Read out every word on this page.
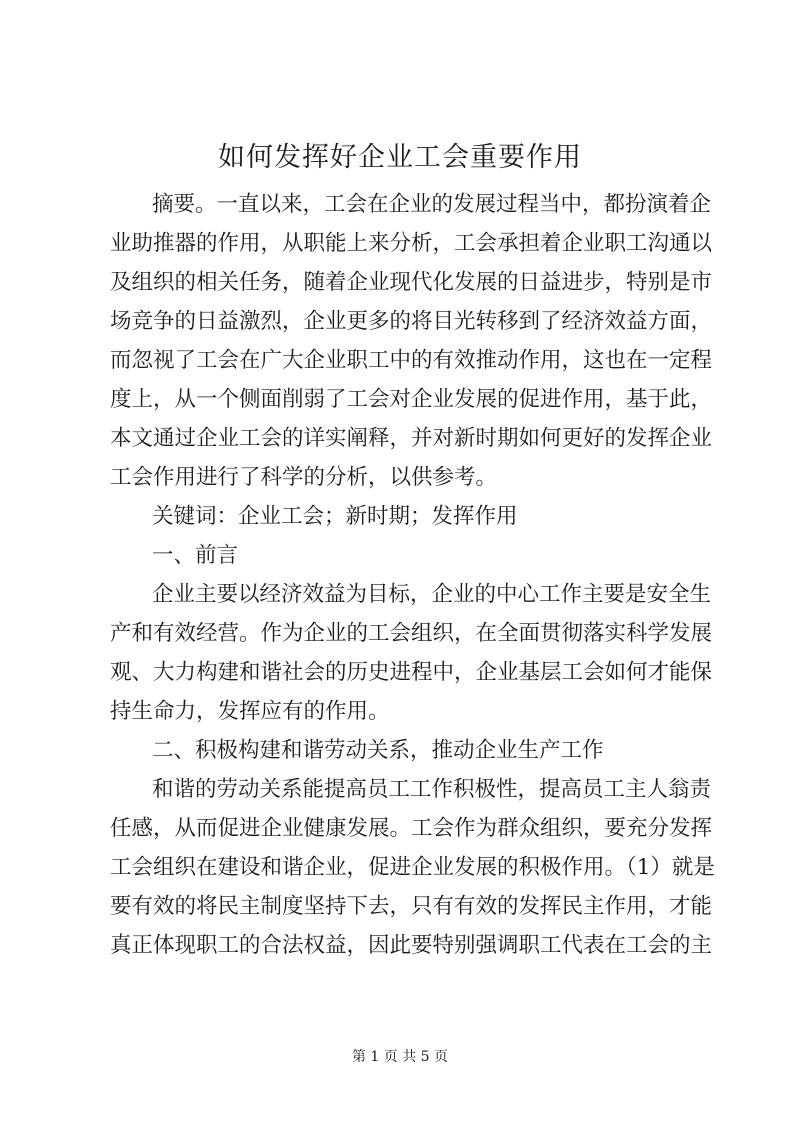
如何发挥好企业工会重要作用

摘要。一直以来，工会在企业的发展过程当中，都扮演着企

业助推器的作用，从职能上来分析，工会承担着企业职工沟通以

及组织的相关任务，随着企业现代化发展的日益进步，特别是市

场竞争的日益激烈，企业更多的将目光转移到了经济效益方面，

而忽视了工会在广大企业职工中的有效推动作用，这也在一定程

度上，从一个侧面削弱了工会对企业发展的促进作用，基于此，

本文通过企业工会的详实阐释，并对新时期如何更好的发挥企业

工会作用进行了科学的分析，以供参考。

关键词：企业工会；新时期；发挥作用

一、前言

企业主要以经济效益为目标，企业的中心工作主要是安全生

产和有效经营。作为企业的工会组织，在全面贯彻落实科学发展

观、大力构建和谐社会的历史进程中，企业基层工会如何才能保

持生命力，发挥应有的作用。

二、积极构建和谐劳动关系，推动企业生产工作

和谐的劳动关系能提高员工工作积极性，提高员工主人翁责

任感，从而促进企业健康发展。工会作为群众组织，要充分发挥

工会组织在建设和谐企业，促进企业发展的积极作用。（1）就是

要有效的将民主制度坚持下去，只有有效的发挥民主作用，才能

真正体现职工的合法权益，因此要特别强调职工代表在工会的主

第 1 页 共 5 页
